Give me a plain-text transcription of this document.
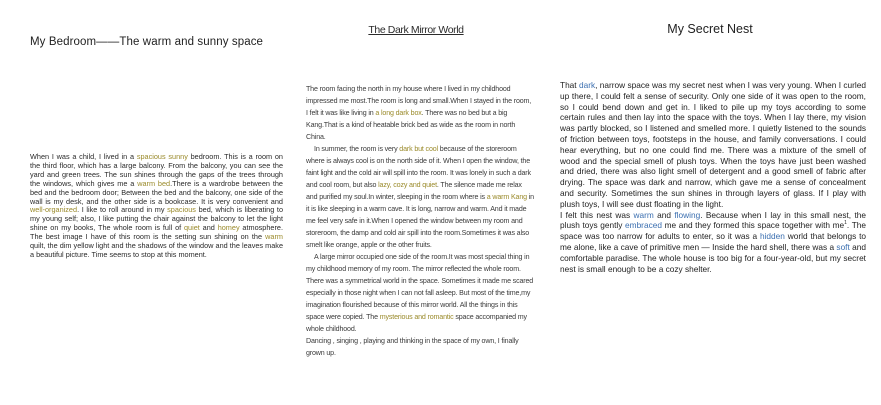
My Bedroom——The warm and sunny space
When I was a child, I lived in a spacious sunny bedroom. This is a room on the third floor, which has a large balcony. From the balcony, you can see the yard and green trees. The sun shines through the gaps of the trees through the windows, which gives me a warm bed.There is a wardrobe between the bed and the bedroom door; Between the bed and the balcony, one side of the wall is my desk, and the other side is a bookcase. It is very convenient and well-organized. I like to roll around in my spacious bed, which is liberating to my young self; also, I like putting the chair against the balcony to let the light shine on my books, The whole room is full of quiet and homey atmosphere. The best image I have of this room is the setting sun shining on the warm quilt, the dim yellow light and the shadows of the window and the leaves make a beautiful picture. Time seems to stop at this moment.
The Dark Mirror World

The room facing the north in my house where I lived in my childhood impressed me most.The room is long and small.When I stayed in the room, I felt it was like living in a long dark box. There was no bed but a big Kang.That is a kind of heatable brick bed as wide as the room in north China.

In summer, the room is very dark but cool because of the storeroom where is always cool is on the north side of it. When I open the window, the faint light and the cold air will spill into the room. It was lonely in such a dark and cool room, but also lazy, cozy and quiet. The silence made me relax and purified my soul.In winter, sleeping in the room where is a warm Kang in it is like sleeping in a warm cave. It is long, narrow and warm. And it made me feel very safe in it.When I opened the window between my room and storeroom, the damp and cold air spill into the room.Sometimes it was also smelt like orange, apple or the other fruits.

A large mirror occupied one side of the room.It was most special thing in my childhood memory of my room. The mirror reflected the whole room. There was a symmetrical world in the space. Sometimes it made me scared especially in those night when I can not fall asleep. But most of the time,my imagination flourished because of this mirror world. All the things in this space were copied. The mysterious and romantic space accompanied my whole childhood.

Dancing , singing , playing and thinking in the space of my own, I finally grown up.

My Secret Nest

That dark, narrow space was my secret nest when I was very young. When I curled up there, I could felt a sense of security. Only one side of it was open to the room, so I could bend down and get in. I liked to pile up my toys according to some certain rules and then lay into the space with the toys. When I lay there, my vision was partly blocked, so I listened and smelled more. I quietly listened to the sounds of friction between toys, footsteps in the house, and family conversations. I could hear everything, but no one could find me. There was a mixture of the smell of wood and the special smell of plush toys. When the toys have just been washed and dried, there was also light smell of detergent and a good smell of fabric after drying. The space was dark and narrow, which gave me a sense of concealment and security. Sometimes the sun shines in through layers of glass. If I play with plush toys, I will see dust floating in the light.

I felt this nest was warm and flowing. Because when I lay in this small nest, the plush toys gently embraced me and they formed this space together with $me^1$. The space was too narrow for adults to enter, so it was a hidden world that belongs to me alone, like a cave of primitive men — Inside the hard shell, there was a soft and comfortable paradise. The whole house is too big for a four-year-old, but my secret nest is small enough to be a cozy shelter.
